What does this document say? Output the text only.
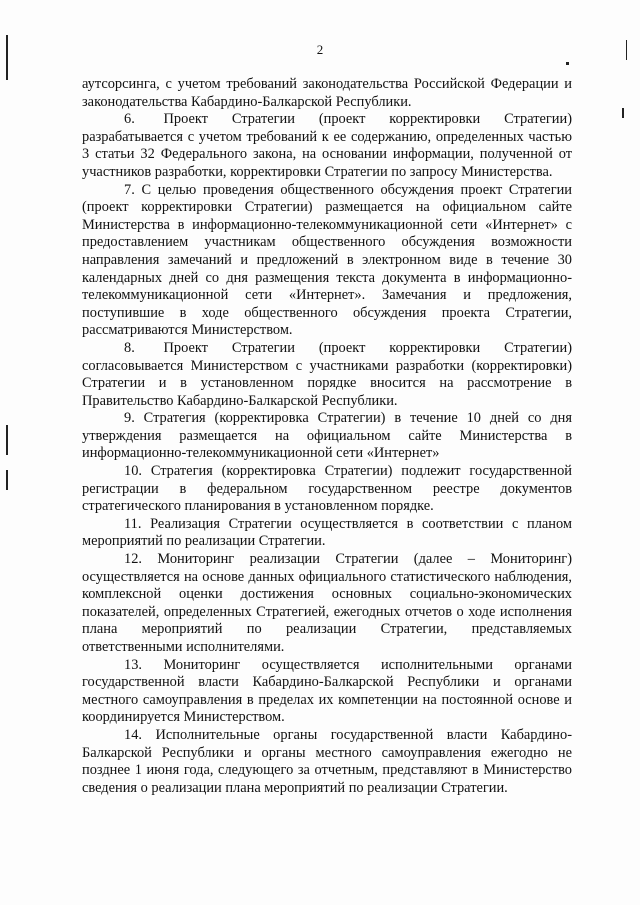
2

аутсорсинга, с учетом требований законодательства Российской Федерации и законодательства Кабардино-Балкарской Республики.

6.      Проект     Стратегии     (проект     корректировки     Стратегии) разрабатывается с учетом требований к ее содержанию, определенных частью 3 статьи 32 Федерального закона, на основании информации, полученной от участников разработки, корректировки Стратегии по запросу Министерства.

7. С целью проведения общественного обсуждения проект Стратегии (проект корректировки Стратегии) размещается на официальном сайте Министерства в информационно-телекоммуникационной сети «Интернет» с предоставлением участникам общественного обсуждения возможности направления замечаний и предложений в электронном виде в течение 30 календарных дней со дня размещения текста документа в информационно-телекоммуникационной сети «Интернет». Замечания и предложения, поступившие в ходе общественного обсуждения проекта Стратегии, рассматриваются Министерством.

8.      Проект     Стратегии     (проект     корректировки     Стратегии) согласовывается Министерством с участниками разработки (корректировки) Стратегии и в установленном порядке вносится на рассмотрение в Правительство Кабардино-Балкарской Республики.

9. Стратегия (корректировка Стратегии) в течение 10 дней со дня утверждения размещается на официальном сайте Министерства в информационно-телекоммуникационной сети «Интернет»

10. Стратегия (корректировка Стратегии) подлежит государственной регистрации в федеральном государственном реестре документов стратегического планирования в установленном порядке.

11. Реализация Стратегии осуществляется в соответствии с планом мероприятий по реализации Стратегии.

12. Мониторинг реализации Стратегии (далее – Мониторинг) осуществляется на основе данных официального статистического наблюдения, комплексной оценки достижения основных социально-экономических показателей, определенных Стратегией, ежегодных отчетов о ходе исполнения плана мероприятий по реализации Стратегии, представляемых ответственными исполнителями.

13.    Мониторинг    осуществляется    исполнительными    органами государственной власти Кабардино-Балкарской Республики и органами местного самоуправления в пределах их компетенции на постоянной основе и координируется Министерством.

14. Исполнительные органы государственной власти Кабардино-Балкарской Республики и органы местного самоуправления ежегодно не позднее 1 июня года, следующего за отчетным, представляют в Министерство сведения о реализации плана мероприятий по реализации Стратегии.
